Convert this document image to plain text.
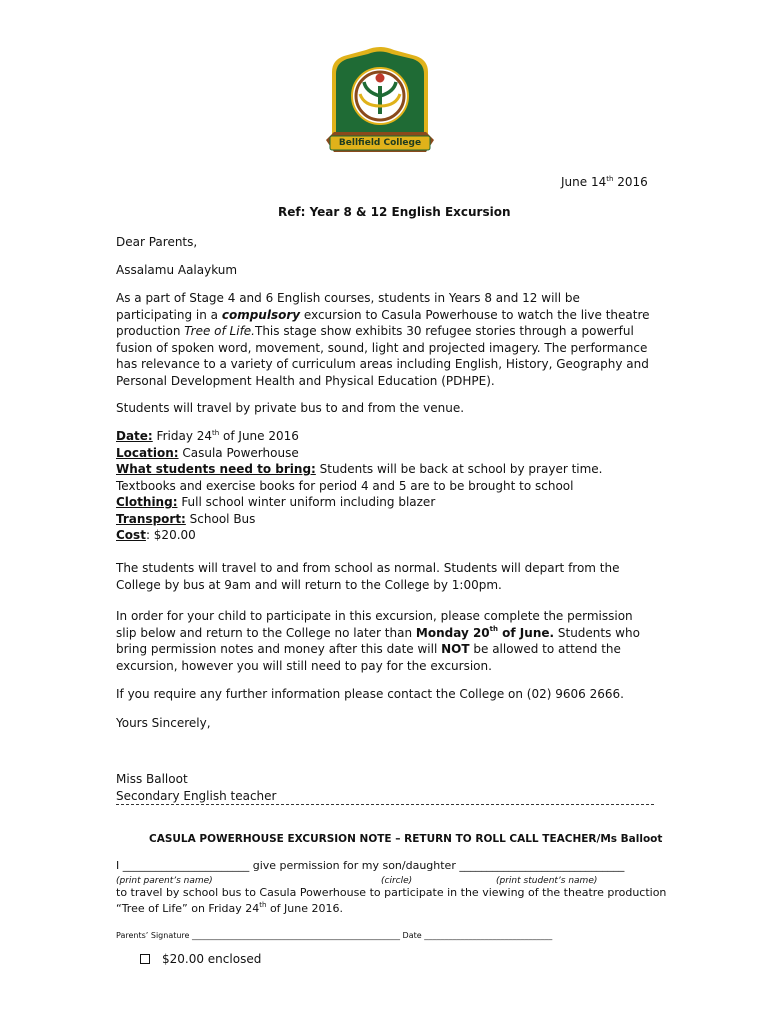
Bellfield College
June 14th 2016
Ref: Year 8 & 12 English Excursion
Dear Parents,
Assalamu Aalaykum
As a part of Stage 4 and 6 English courses, students in Years 8 and 12 will be participating in a compulsory excursion to Casula Powerhouse to watch the live theatre production Tree of Life.This stage show exhibits 30 refugee stories through a powerful fusion of spoken word, movement, sound, light and projected imagery. The performance has relevance to a variety of curriculum areas including English, History, Geography and Personal Development Health and Physical Education (PDHPE).
Students will travel by private bus to and from the venue.
Date: Friday 24th of June 2016
Location: Casula Powerhouse
What students need to bring: Students will be back at school by prayer time. Textbooks and exercise books for period 4 and 5 are to be brought to school
Clothing: Full school winter uniform including blazer
Transport: School Bus
Cost: $20.00
The students will travel to and from school as normal. Students will depart from the College by bus at 9am and will return to the College by 1:00pm.
In order for your child to participate in this excursion, please complete the permission slip below and return to the College no later than Monday 20th of June. Students who bring permission notes and money after this date will NOT be allowed to attend the excursion, however you will still need to pay for the excursion.
If you require any further information please contact the College on (02) 9606 2666.
Yours Sincerely,
Miss Balloot
Secondary English teacher
CASULA POWERHOUSE EXCURSION NOTE – RETURN TO ROLL CALL TEACHER/Ms Balloot
I _______________________ give permission for my son/daughter ______________________________
(print parent’s name)	(circle)	(print student’s name)
to travel by school bus to Casula Powerhouse to participate in the viewing of the theatre production
“Tree of Life” on Friday 24th of June 2016.
Parents’ Signature ____________________________________________________ Date ________________________________
$20.00 enclosed
